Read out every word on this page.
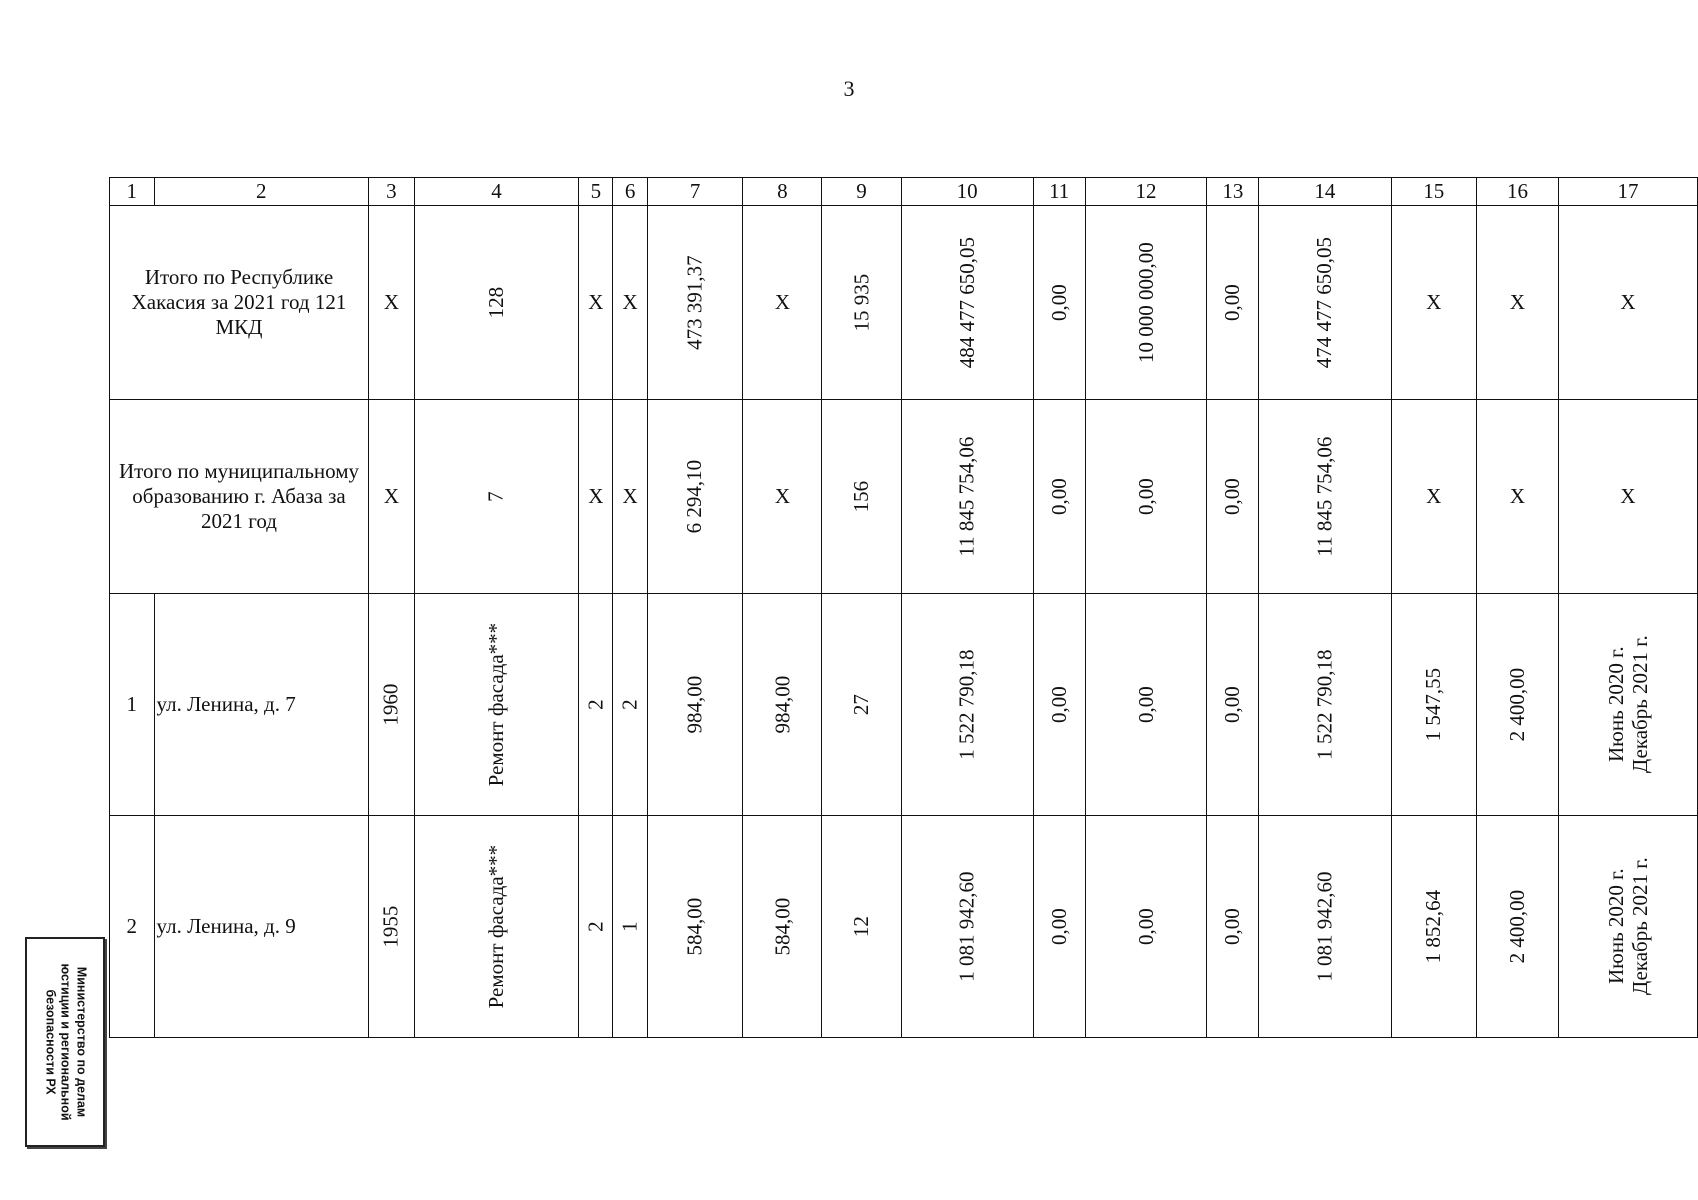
3
1	2	3	4	5	6	7	8	9	10	11	12	13	14	15	16	17
Итого по Республике Хакасия за 2021 год 121 МКД		X	128	X	X	473 391,37	X	15 935	484 477 650,05	0,00	10 000 000,00	0,00	474 477 650,05	X	X	X
Итого по муниципальному образованию г. Абаза за 2021 год		X	7	X	X	6 294,10	X	156	11 845 754,06	0,00	0,00	0,00	11 845 754,06	X	X	X
1	ул. Ленина, д. 7	1960	Ремонт фасада***	2	2	984,00	984,00	27	1 522 790,18	0,00	0,00	0,00	1 522 790,18	1 547,55	2 400,00	Июнь 2020 г.
Декабрь 2021 г.
2	ул. Ленина, д. 9	1955	Ремонт фасада***	2	1	584,00	584,00	12	1 081 942,60	0,00	0,00	0,00	1 081 942,60	1 852,64	2 400,00	Июнь 2020 г.
Декабрь 2021 г.
Министерство по делам
юстиции и региональной
безопасности РХ
